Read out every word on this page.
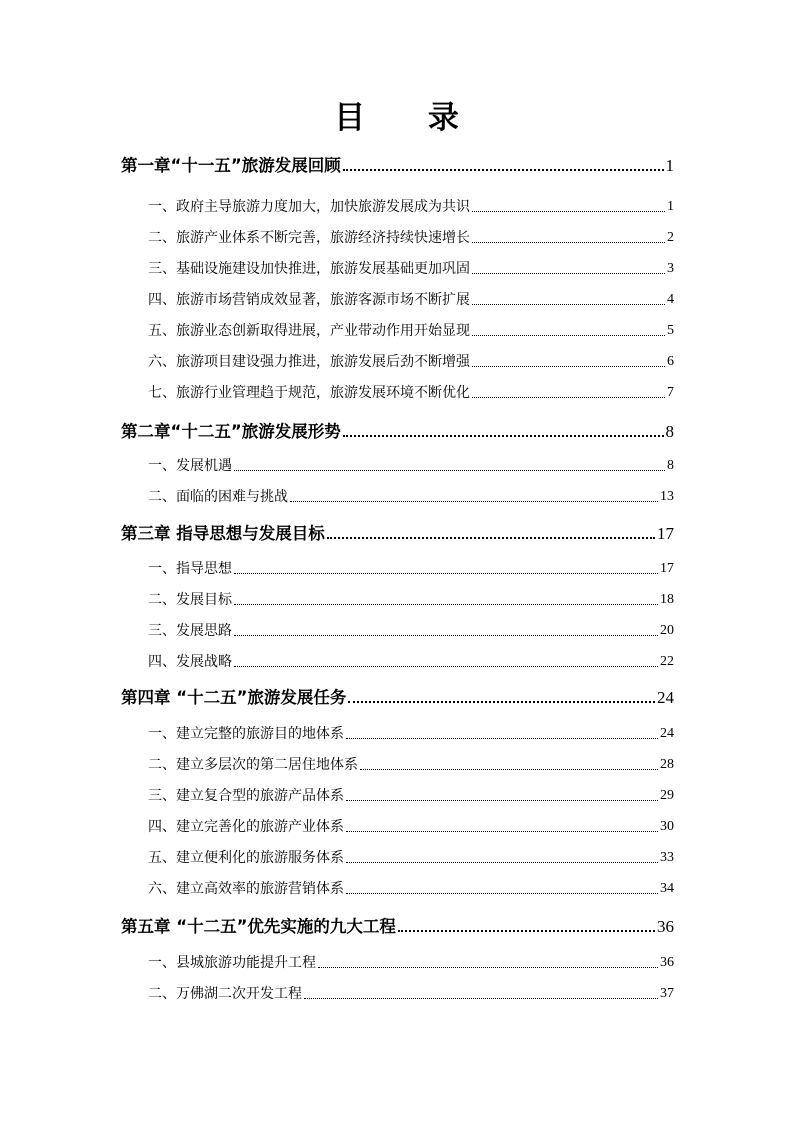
目 录
第一章“十一五”旅游发展回顾	1
一、政府主导旅游力度加大，加快旅游发展成为共识	1
二、旅游产业体系不断完善，旅游经济持续快速增长	2
三、基础设施建设加快推进，旅游发展基础更加巩固	3
四、旅游市场营销成效显著，旅游客源市场不断扩展	4
五、旅游业态创新取得进展，产业带动作用开始显现	5
六、旅游项目建设强力推进，旅游发展后劲不断增强	6
七、旅游行业管理趋于规范，旅游发展环境不断优化	7
第二章“十二五”旅游发展形势	8
一、发展机遇	8
二、面临的困难与挑战	13
第三章 指导思想与发展目标	17
一、指导思想	17
二、发展目标	18
三、发展思路	20
四、发展战略	22
第四章 “十二五”旅游发展任务	24
一、建立完整的旅游目的地体系	24
二、建立多层次的第二居住地体系	28
三、建立复合型的旅游产品体系	29
四、建立完善化的旅游产业体系	30
五、建立便利化的旅游服务体系	33
六、建立高效率的旅游营销体系	34
第五章 “十二五”优先实施的九大工程	36
一、县城旅游功能提升工程	36
二、万佛湖二次开发工程	37
